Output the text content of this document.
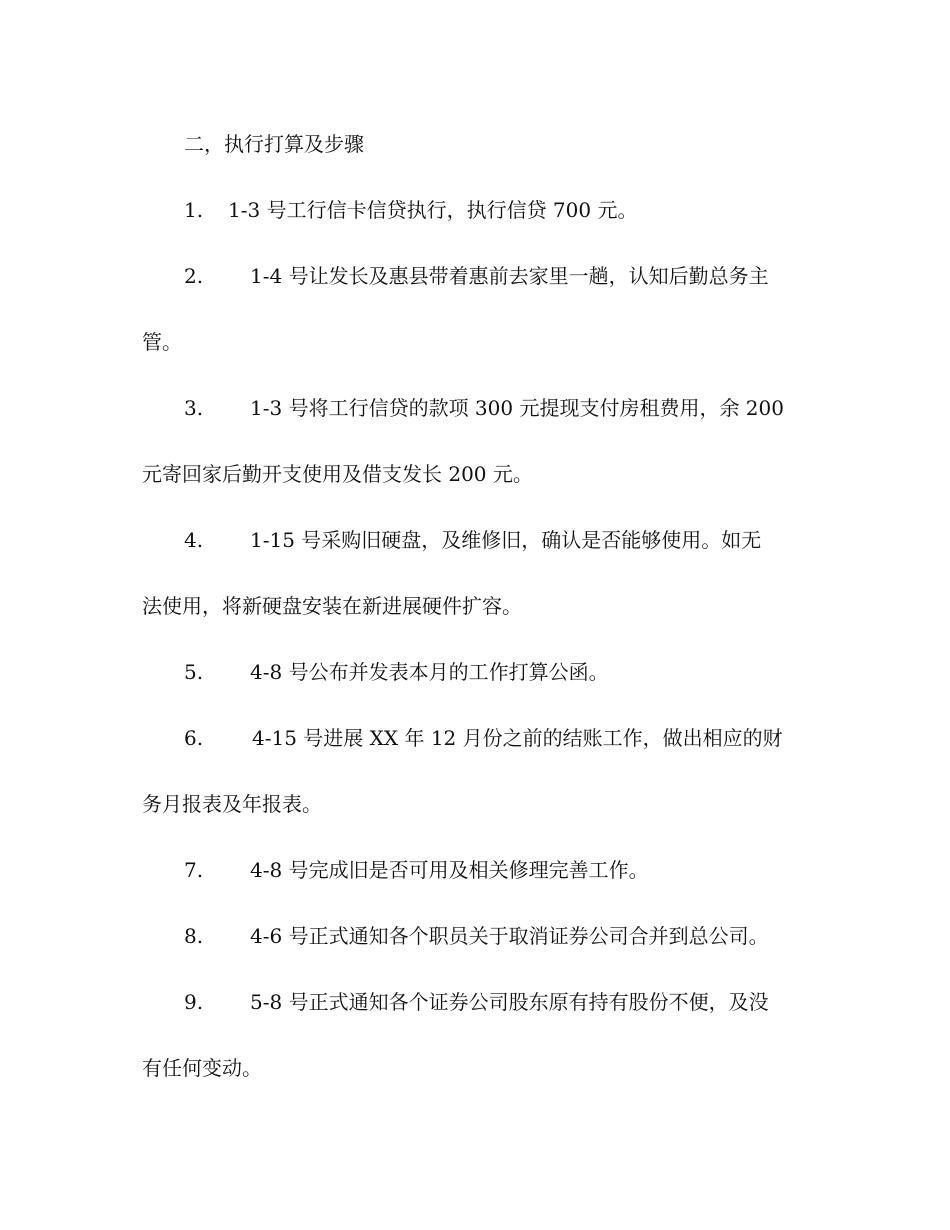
二，执行打算及步骤
1. 1-3 号工行信卡信贷执行，执行信贷 700 元。
2. 1-4 号让发长及惠县带着惠前去家里一趟，认知后勤总务主
管。
3. 1-3 号将工行信贷的款项 300 元提现支付房租费用，余 200
元寄回家后勤开支使用及借支发长 200 元。
4. 1-15 号采购旧硬盘，及维修旧，确认是否能够使用。如无
法使用，将新硬盘安装在新进展硬件扩容。
5. 4-8 号公布并发表本月的工作打算公函。
6. 4-15 号进展 XX 年 12 月份之前的结账工作，做出相应的财
务月报表及年报表。
7. 4-8 号完成旧是否可用及相关修理完善工作。
8. 4-6 号正式通知各个职员关于取消证券公司合并到总公司。
9. 5-8 号正式通知各个证券公司股东原有持有股份不便，及没
有任何变动。
